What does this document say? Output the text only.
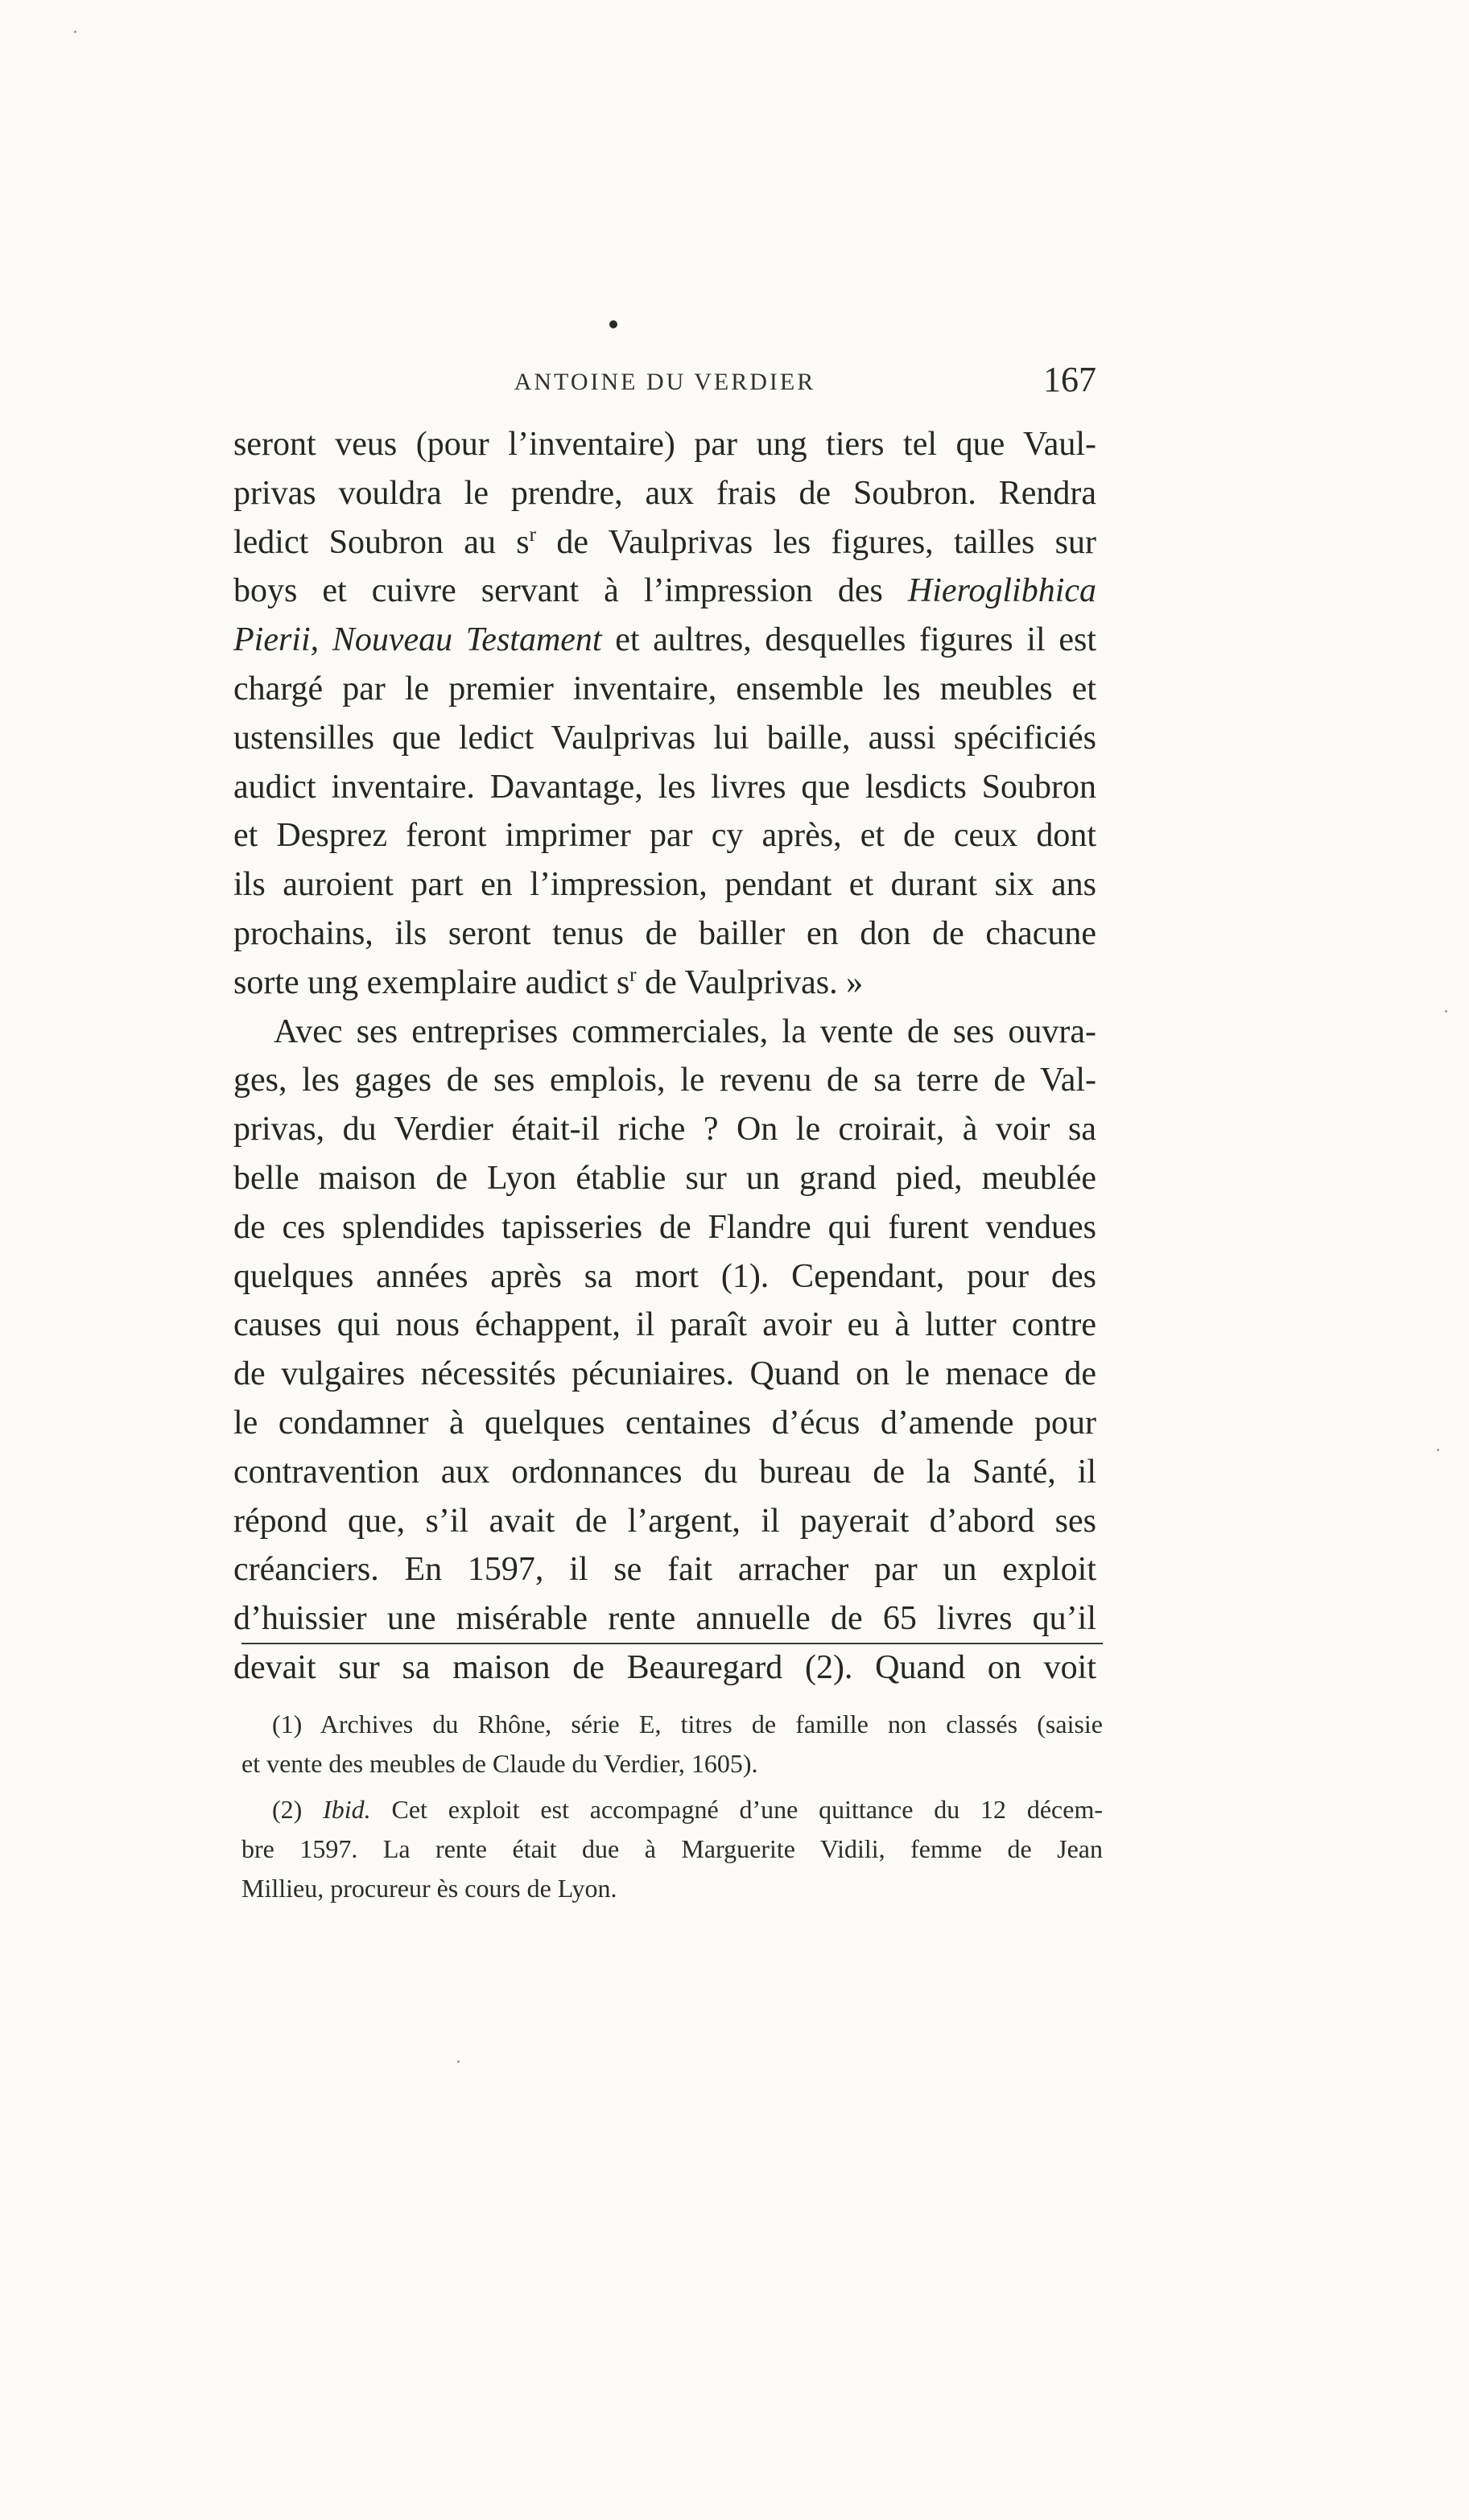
ANTOINE DU VERDIER	167

seront veus (pour l’inventaire) par ung tiers tel que Vaul-
privas vouldra le prendre, aux frais de Soubron. Rendra
ledict Soubron au $s^r$ de Vaulprivas les figures, tailles sur
boys et cuivre servant à l’impression des Hieroglibhica
Pierii, Nouveau Testament et aultres, desquelles figures il est
chargé par le premier inventaire, ensemble les meubles et
ustensilles que ledict Vaulprivas lui baille, aussi spécificiés
audict inventaire. Davantage, les livres que lesdicts Soubron
et Desprez feront imprimer par cy après, et de ceux dont
ils auroient part en l’impression, pendant et durant six ans
prochains, ils seront tenus de bailler en don de chacune
sorte ung exemplaire audict $s^r$ de Vaulprivas. »

Avec ses entreprises commerciales, la vente de ses ouvra-
ges, les gages de ses emplois, le revenu de sa terre de Val-
privas, du Verdier était-il riche ? On le croirait, à voir sa
belle maison de Lyon établie sur un grand pied, meublée
de ces splendides tapisseries de Flandre qui furent vendues
quelques années après sa mort (1). Cependant, pour des
causes qui nous échappent, il paraît avoir eu à lutter contre
de vulgaires nécessités pécuniaires. Quand on le menace de
le condamner à quelques centaines d’écus d’amende pour
contravention aux ordonnances du bureau de la Santé, il
répond que, s’il avait de l’argent, il payerait d’abord ses
créanciers. En 1597, il se fait arracher par un exploit
d’huissier une misérable rente annuelle de 65 livres qu’il
devait sur sa maison de Beauregard (2). Quand on voit

(1) Archives du Rhône, série E, titres de famille non classés (saisie
et vente des meubles de Claude du Verdier, 1605).
(2) Ibid. Cet exploit est accompagné d’une quittance du 12 décem-
bre 1597. La rente était due à Marguerite Vidili, femme de Jean
Millieu, procureur ès cours de Lyon.
